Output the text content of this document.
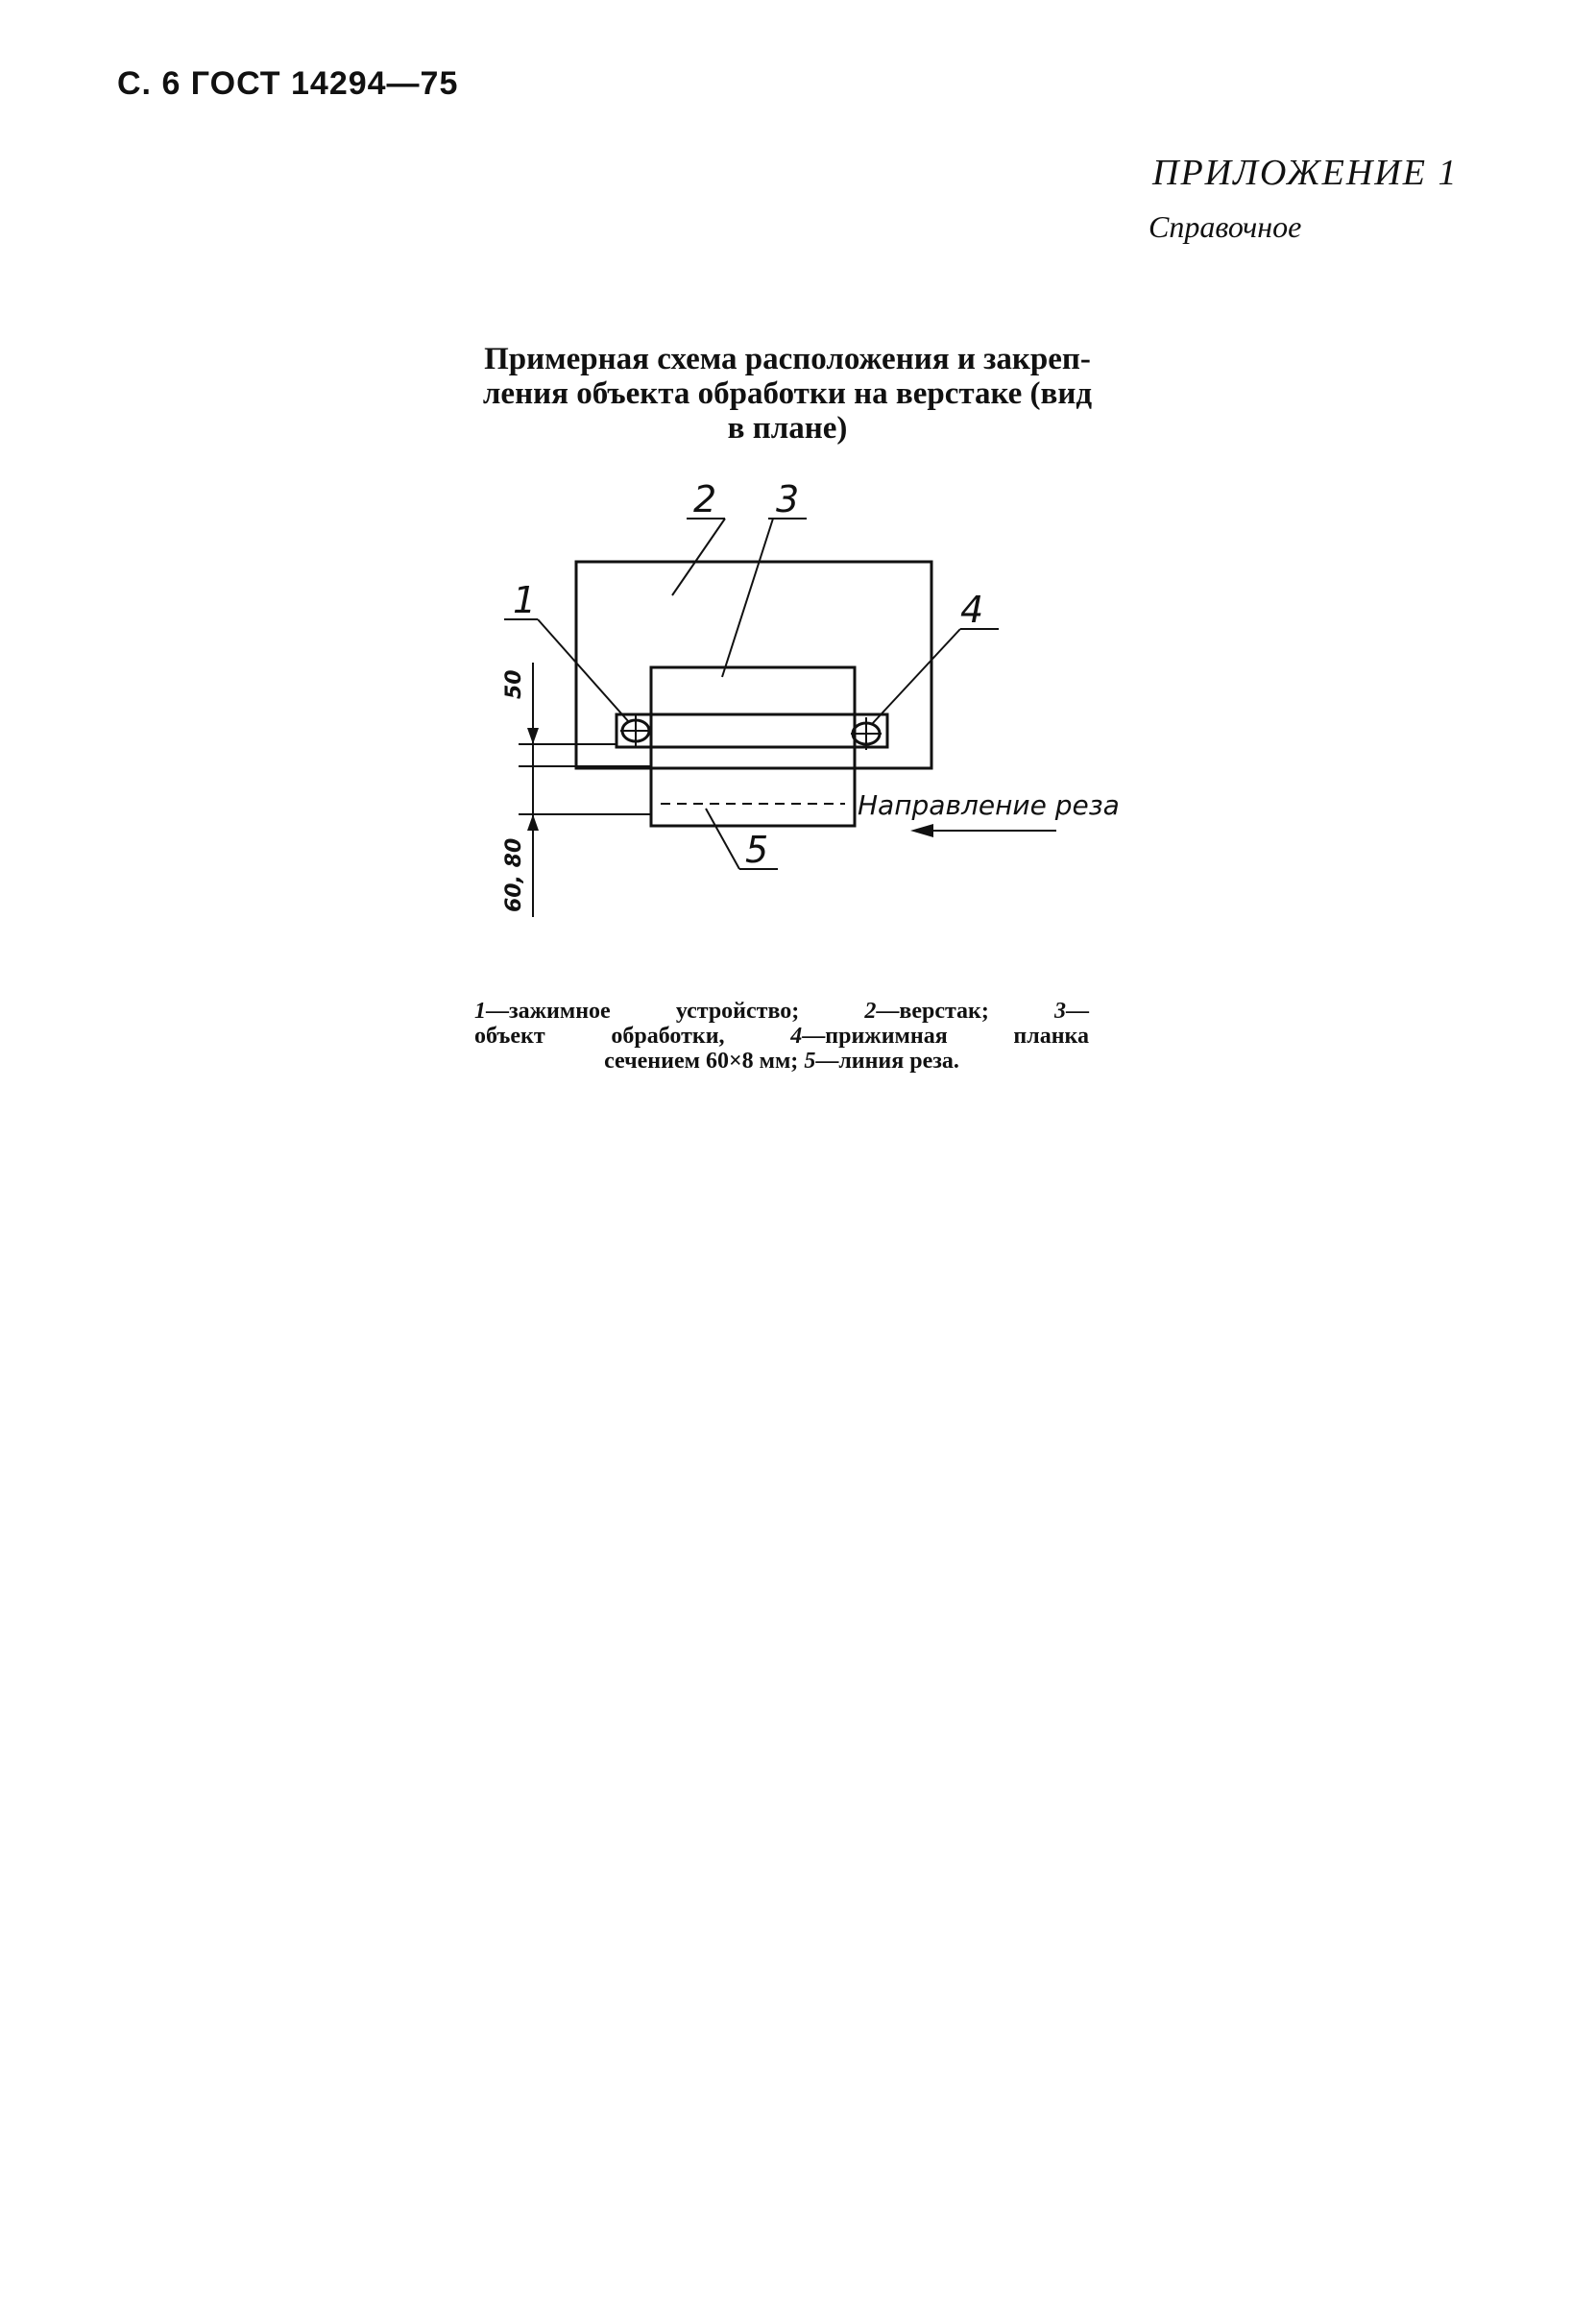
С. 6 ГОСТ 14294—75
ПРИЛОЖЕНИЕ 1
Справочное
Примерная схема расположения и закреп-
ления объекта обработки на верстаке (вид
в плане)
1
2 3
4
5
50
60, 80
Направление реза
1—зажимное устройство;	2—верстак;	3—
объект обработки,	4—прижимная планка
сечением 60×8 мм; 5—линия реза.
